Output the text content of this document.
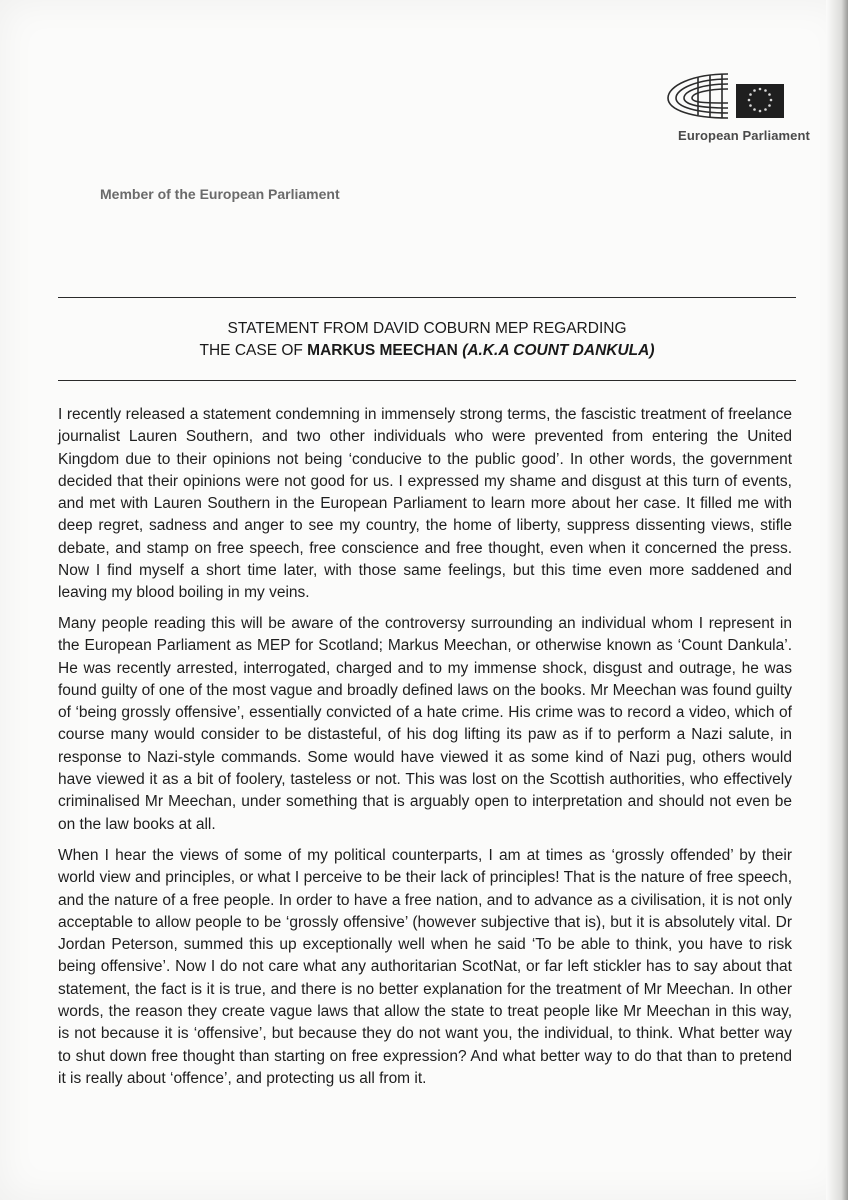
European Parliament
Member of the European Parliament
STATEMENT FROM DAVID COBURN MEP REGARDING
THE CASE OF MARKUS MEECHAN (A.K.A COUNT DANKULA)
I recently released a statement condemning in immensely strong terms, the fascistic treatment of freelance journalist Lauren Southern, and two other individuals who were prevented from entering the United Kingdom due to their opinions not being ‘conducive to the public good’. In other words, the government decided that their opinions were not good for us. I expressed my shame and disgust at this turn of events, and met with Lauren Southern in the European Parliament to learn more about her case. It filled me with deep regret, sadness and anger to see my country, the home of liberty, suppress dissenting views, stifle debate, and stamp on free speech, free conscience and free thought, even when it concerned the press. Now I find myself a short time later, with those same feelings, but this time even more saddened and leaving my blood boiling in my veins.
Many people reading this will be aware of the controversy surrounding an individual whom I represent in the European Parliament as MEP for Scotland; Markus Meechan, or otherwise known as ‘Count Dankula’. He was recently arrested, interrogated, charged and to my immense shock, disgust and outrage, he was found guilty of one of the most vague and broadly defined laws on the books. Mr Meechan was found guilty of ‘being grossly offensive’, essentially convicted of a hate crime. His crime was to record a video, which of course many would consider to be distasteful, of his dog lifting its paw as if to perform a Nazi salute, in response to Nazi-style commands. Some would have viewed it as some kind of Nazi pug, others would have viewed it as a bit of foolery, tasteless or not. This was lost on the Scottish authorities, who effectively criminalised Mr Meechan, under something that is arguably open to interpretation and should not even be on the law books at all.
When I hear the views of some of my political counterparts, I am at times as ‘grossly offended’ by their world view and principles, or what I perceive to be their lack of principles! That is the nature of free speech, and the nature of a free people. In order to have a free nation, and to advance as a civilisation, it is not only acceptable to allow people to be ‘grossly offensive’ (however subjective that is), but it is absolutely vital. Dr Jordan Peterson, summed this up exceptionally well when he said ‘To be able to think, you have to risk being offensive’. Now I do not care what any authoritarian ScotNat, or far left stickler has to say about that statement, the fact is it is true, and there is no better explanation for the treatment of Mr Meechan. In other words, the reason they create vague laws that allow the state to treat people like Mr Meechan in this way, is not because it is ‘offensive’, but because they do not want you, the individual, to think. What better way to shut down free thought than starting on free expression? And what better way to do that than to pretend it is really about ‘offence’, and protecting us all from it.
